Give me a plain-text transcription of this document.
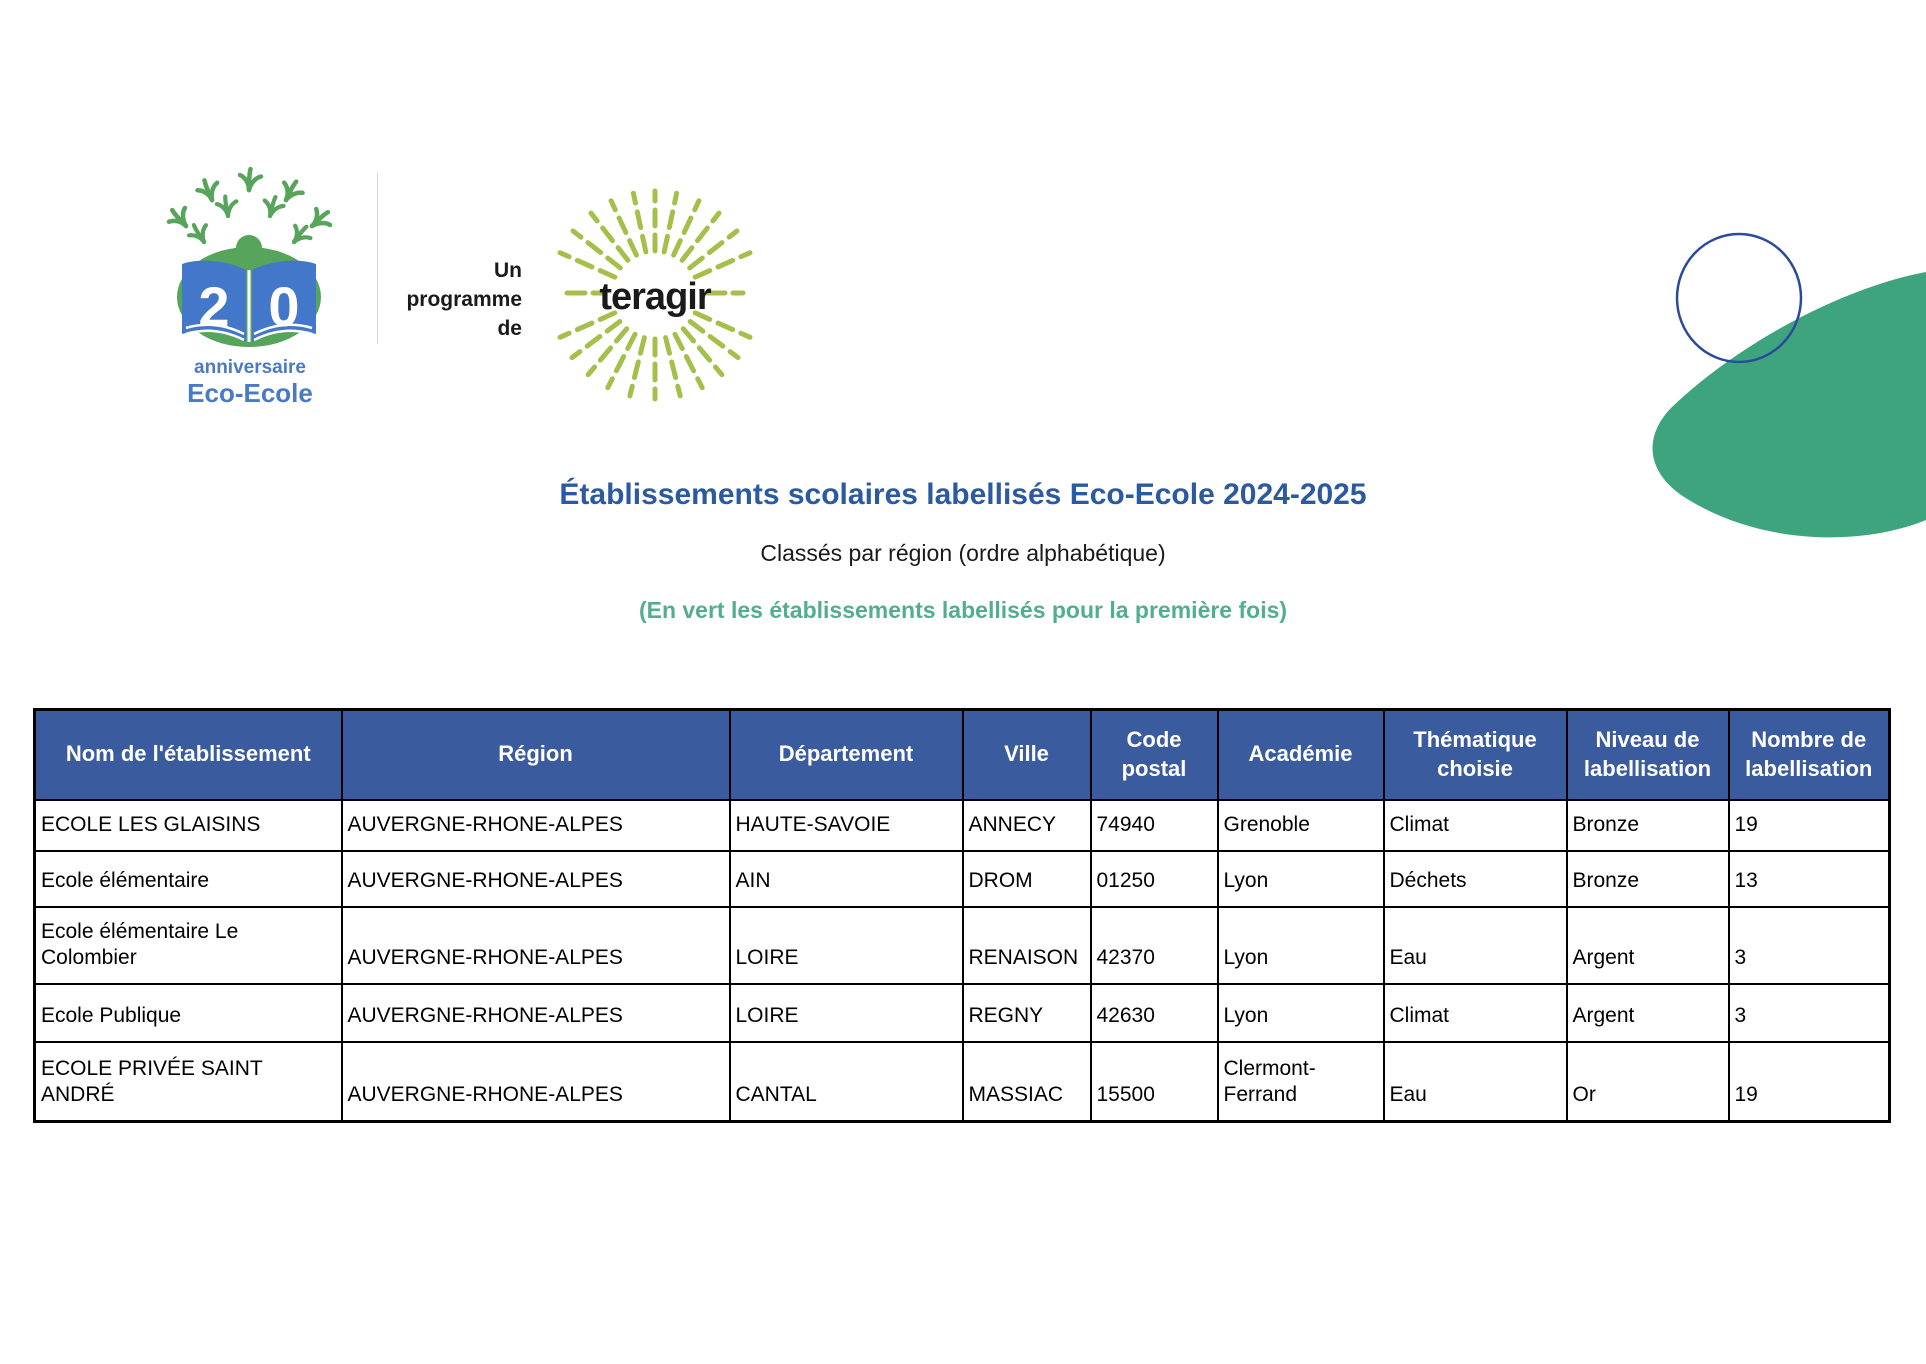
2 0
anniversaire
Eco-Ecole
Un
programme
de
teragir
Établissements scolaires labellisés Eco-Ecole 2024-2025
Classés par région (ordre alphabétique)
(En vert les établissements labellisés pour la première fois)
Nom de l'établissement	Région	Département	Ville	Code postal	Académie	Thématique choisie	Niveau de labellisation	Nombre de labellisation
ECOLE LES GLAISINS	AUVERGNE-RHONE-ALPES	HAUTE-SAVOIE	ANNECY	74940	Grenoble	Climat	Bronze	19
Ecole élémentaire	AUVERGNE-RHONE-ALPES	AIN	DROM	01250	Lyon	Déchets	Bronze	13
Ecole élémentaire Le Colombier	AUVERGNE-RHONE-ALPES	LOIRE	RENAISON	42370	Lyon	Eau	Argent	3
Ecole Publique	AUVERGNE-RHONE-ALPES	LOIRE	REGNY	42630	Lyon	Climat	Argent	3
ECOLE PRIVÉE SAINT ANDRÉ	AUVERGNE-RHONE-ALPES	CANTAL	MASSIAC	15500	Clermont-Ferrand	Eau	Or	19
